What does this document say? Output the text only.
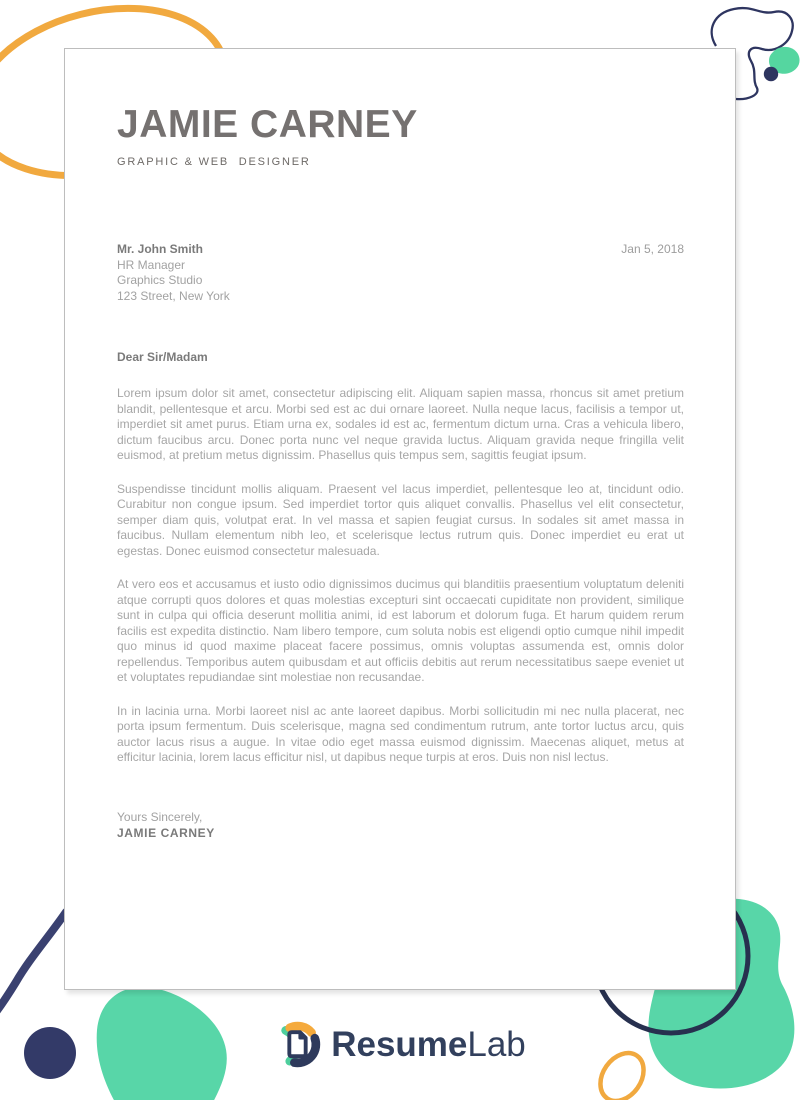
JAMIE CARNEY
GRAPHIC & WEB  DESIGNER
Mr. John Smith
HR Manager
Graphics Studio
123 Street, New York
Jan 5, 2018
Dear Sir/Madam

Lorem ipsum dolor sit amet, consectetur adipiscing elit. Aliquam sapien massa, rhoncus sit amet pretium blandit, pellentesque et arcu. Morbi sed est ac dui ornare laoreet. Nulla neque lacus, facilisis a tempor ut, imperdiet sit amet purus. Etiam urna ex, sodales id est ac, fermentum dictum urna. Cras a vehicula libero, dictum faucibus arcu. Donec porta nunc vel neque gravida luctus. Aliquam gravida neque fringilla velit euismod, at pretium metus dignissim. Phasellus quis tempus sem, sagittis feugiat ipsum.

Suspendisse tincidunt mollis aliquam. Praesent vel lacus imperdiet, pellentesque leo at, tincidunt odio. Curabitur non congue ipsum. Sed imperdiet tortor quis aliquet convallis. Phasellus vel elit consectetur, semper diam quis, volutpat erat. In vel massa et sapien feugiat cursus. In sodales sit amet massa in faucibus. Nullam elementum nibh leo, et scelerisque lectus rutrum quis. Donec imperdiet eu erat ut egestas. Donec euismod consectetur malesuada.

At vero eos et accusamus et iusto odio dignissimos ducimus qui blanditiis praesentium voluptatum deleniti atque corrupti quos dolores et quas molestias excepturi sint occaecati cupiditate non provident, similique sunt in culpa qui officia deserunt mollitia animi, id est laborum et dolorum fuga. Et harum quidem rerum facilis est expedita distinctio. Nam libero tempore, cum soluta nobis est eligendi optio cumque nihil impedit quo minus id quod maxime placeat facere possimus, omnis voluptas assumenda est, omnis dolor repellendus. Temporibus autem quibusdam et aut officiis debitis aut rerum necessitatibus saepe eveniet ut et voluptates repudiandae sint molestiae non recusandae.

In in lacinia urna. Morbi laoreet nisl ac ante laoreet dapibus. Morbi sollicitudin mi nec nulla placerat, nec porta ipsum fermentum. Duis scelerisque, magna sed condimentum rutrum, ante tortor luctus arcu, quis auctor lacus risus a augue. In vitae odio eget massa euismod dignissim. Maecenas aliquet, metus at efficitur lacinia, lorem lacus efficitur nisl, ut dapibus neque turpis at eros. Duis non nisl lectus.

Yours Sincerely,
JAMIE CARNEY
ResumeLab
